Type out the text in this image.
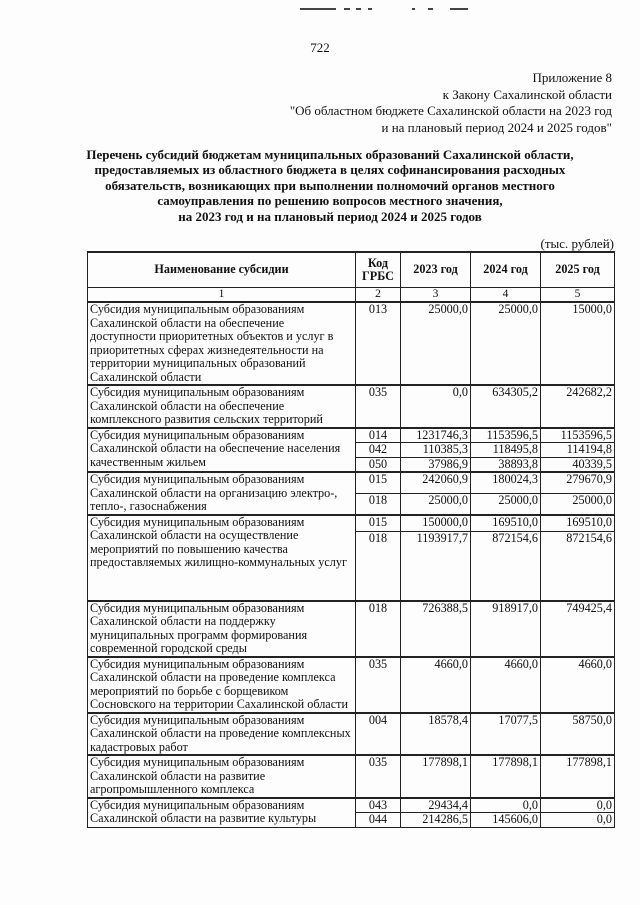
722
Приложение 8
к Закону Сахалинской области
"Об областном бюджете Сахалинской области на 2023 год
и на плановый период 2024 и 2025 годов"
Перечень субсидий бюджетам муниципальных образований Сахалинской области,
предоставляемых из областного бюджета в целях софинансирования расходных
обязательств, возникающих при выполнении полномочий органов местного
самоуправления по решению вопросов местного значения,
на 2023 год и на плановый период 2024 и 2025 годов
(тыс. рублей)
Наименование субсидии	Код ГРБС	2023 год	2024 год	2025 год
1	2	3	4	5
Субсидия муниципальным образованиям Сахалинской области на обеспечение доступности приоритетных объектов и услуг в приоритетных сферах жизнедеятельности на территории муниципальных образований Сахалинской области	013	25000,0	25000,0	15000,0
Субсидия муниципальным образованиям Сахалинской области на обеспечение комплексного развития сельских территорий	035	0,0	634305,2	242682,2
Субсидия муниципальным образованиям Сахалинской области на обеспечение населения качественным жильем	014	1231746,3	1153596,5	1153596,5
	042	110385,3	118495,8	114194,8
	050	37986,9	38893,8	40339,5
Субсидия муниципальным образованиям Сахалинской области на организацию электро-, тепло-, газоснабжения	015	242060,9	180024,3	279670,9
	018	25000,0	25000,0	25000,0
Субсидия муниципальным образованиям Сахалинской области на осуществление мероприятий по повышению качества предоставляемых жилищно-коммунальных услуг	015	150000,0	169510,0	169510,0
	018	1193917,7	872154,6	872154,6
Субсидия муниципальным образованиям Сахалинской области на поддержку муниципальных программ формирования современной городской среды	018	726388,5	918917,0	749425,4
Субсидия муниципальным образованиям Сахалинской области на проведение комплекса мероприятий по борьбе с борщевиком Сосновского на территории Сахалинской области	035	4660,0	4660,0	4660,0
Субсидия муниципальным образованиям Сахалинской области на проведение комплексных кадастровых работ	004	18578,4	17077,5	58750,0
Субсидия муниципальным образованиям Сахалинской области на развитие агропромышленного комплекса	035	177898,1	177898,1	177898,1
Субсидия муниципальным образованиям Сахалинской области на развитие культуры	043	29434,4	0,0	0,0
	044	214286,5	145606,0	0,0
